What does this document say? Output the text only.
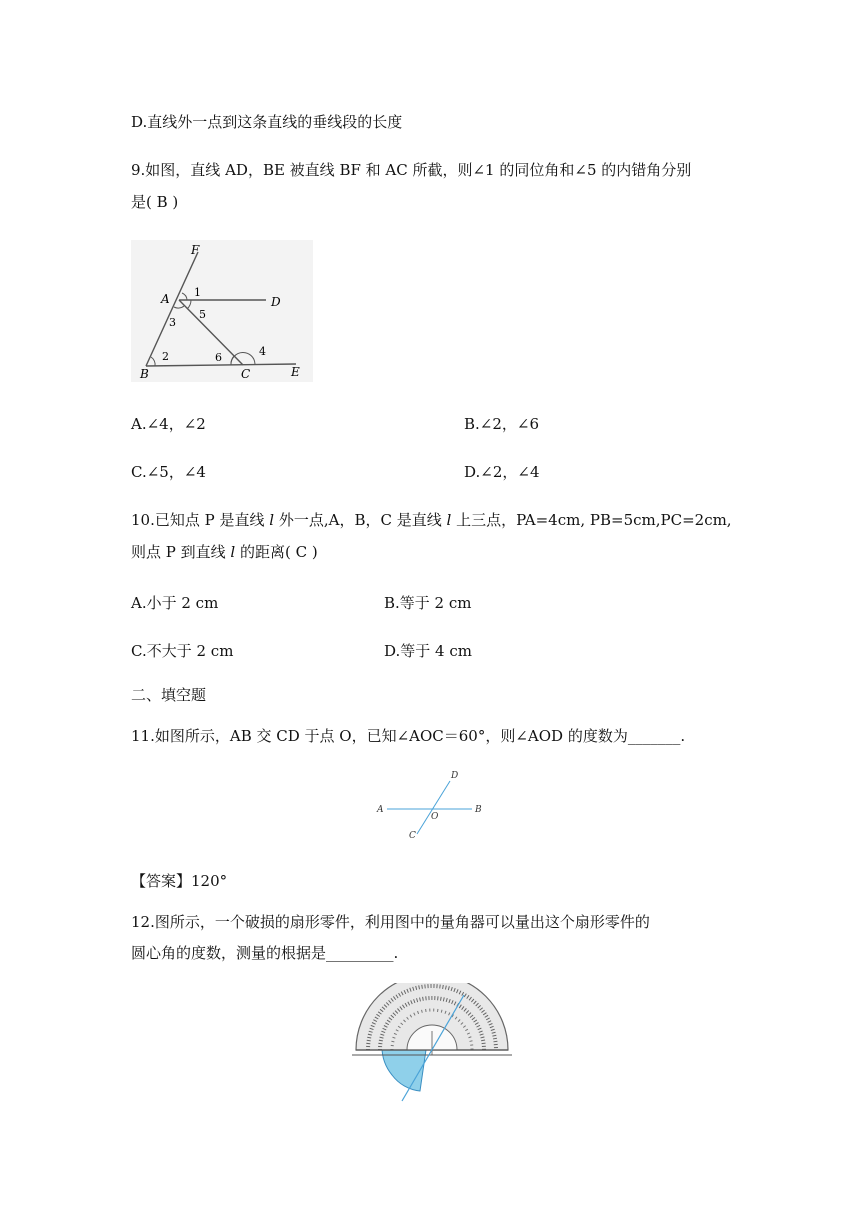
D.直线外一点到这条直线的垂线段的长度
9.如图，直线 AD，BE 被直线 BF 和 AC 所截，则∠1 的同位角和∠5 的内错角分别
是( B )
F
A	D
B	C	E
1
3
5
2	6	4
A.∠4，∠2	B.∠2，∠6
C.∠5，∠4	D.∠2，∠4
10.已知点 P 是直线 l 外一点,A，B，C 是直线 l 上三点，PA=4cm, PB=5cm,PC=2cm,
则点 P 到直线 l 的距离( C )
A.小于 2 cm	B.等于 2 cm
C.不大于 2 cm	D.等于 4 cm
二、填空题
11.如图所示，AB 交 CD 于点 O，已知∠AOC＝60°，则∠AOD 的度数为_______.
A	B
C
D
O
【答案】120°
12.图所示，一个破损的扇形零件，利用图中的量角器可以量出这个扇形零件的
圆心角的度数，测量的根据是_________.
